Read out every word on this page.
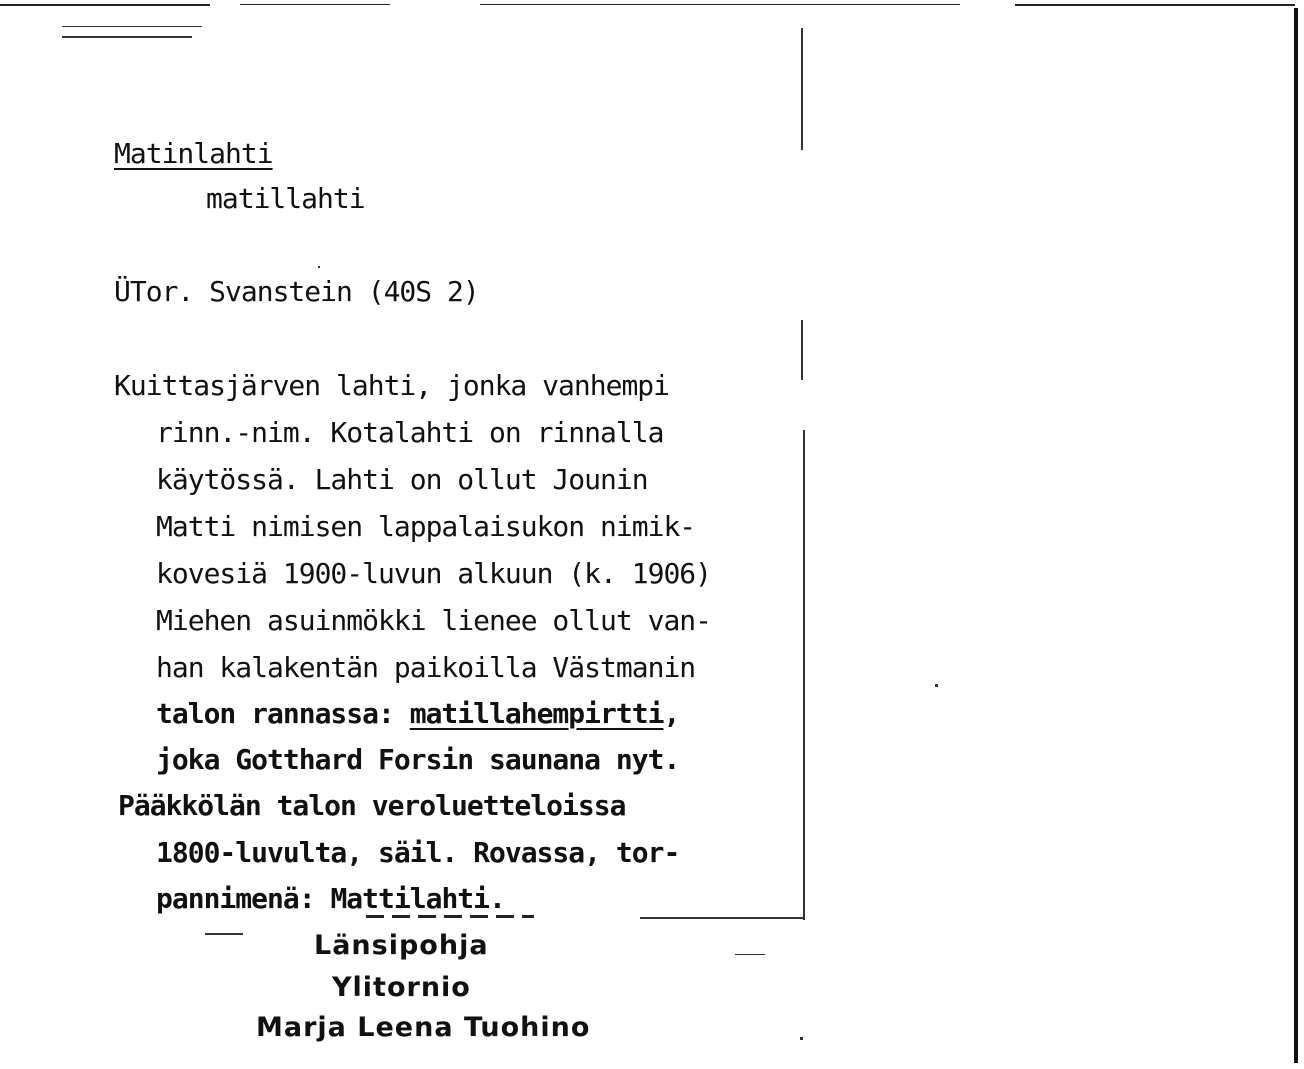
Matinlahti
matillahti
ÜTor. Svanstein (40S 2)
Kuittasjärven lahti, jonka vanhempi
rinn.-nim. Kotalahti on rinnalla
käytössä. Lahti on ollut Jounin
Matti nimisen lappalaisukon nimik-
kovesiä 1900-luvun alkuun (k. 1906)
Miehen asuinmökki lienee ollut van-
han kalakentän paikoilla Västmanin
talon rannassa: matillahempirtti,
joka Gotthard Forsin saunana nyt.
Pääkkölän talon veroluetteloissa
1800-luvulta, säil. Rovassa, tor-
pannimenä: Mattilahti.
Länsipohja
Ylitornio
Marja Leena Tuohino
